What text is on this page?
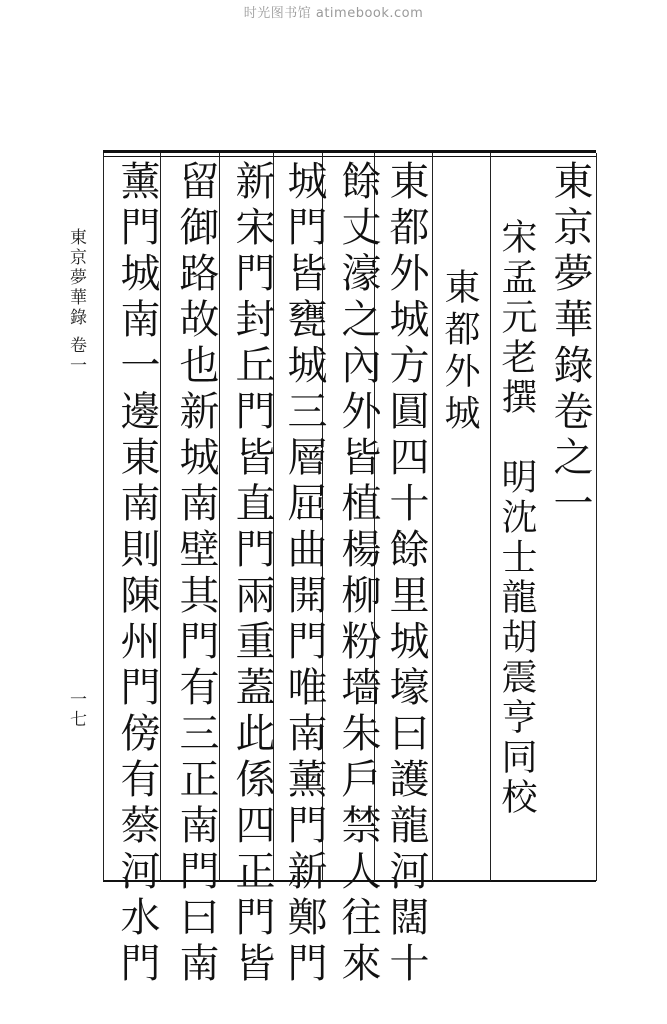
时光图书馆 atimebook.com
東京夢華錄卷之一
宋孟元老撰　明沈士龍胡震亨同校
東都外城
餘丈濠之內外皆植楊柳粉墻朱戶禁人往來 東都外城方圓四十餘里城壕曰護龍河闊十
城門皆甕城三層屈曲開門唯南薰門新鄭門
新宋門封丘門皆直門兩重蓋此係四正門皆
留御路故也新城南壁其門有三正南門曰南
薰門城南一邊東南則陳州門傍有蔡河水門
東京夢華錄
卷一
一七
